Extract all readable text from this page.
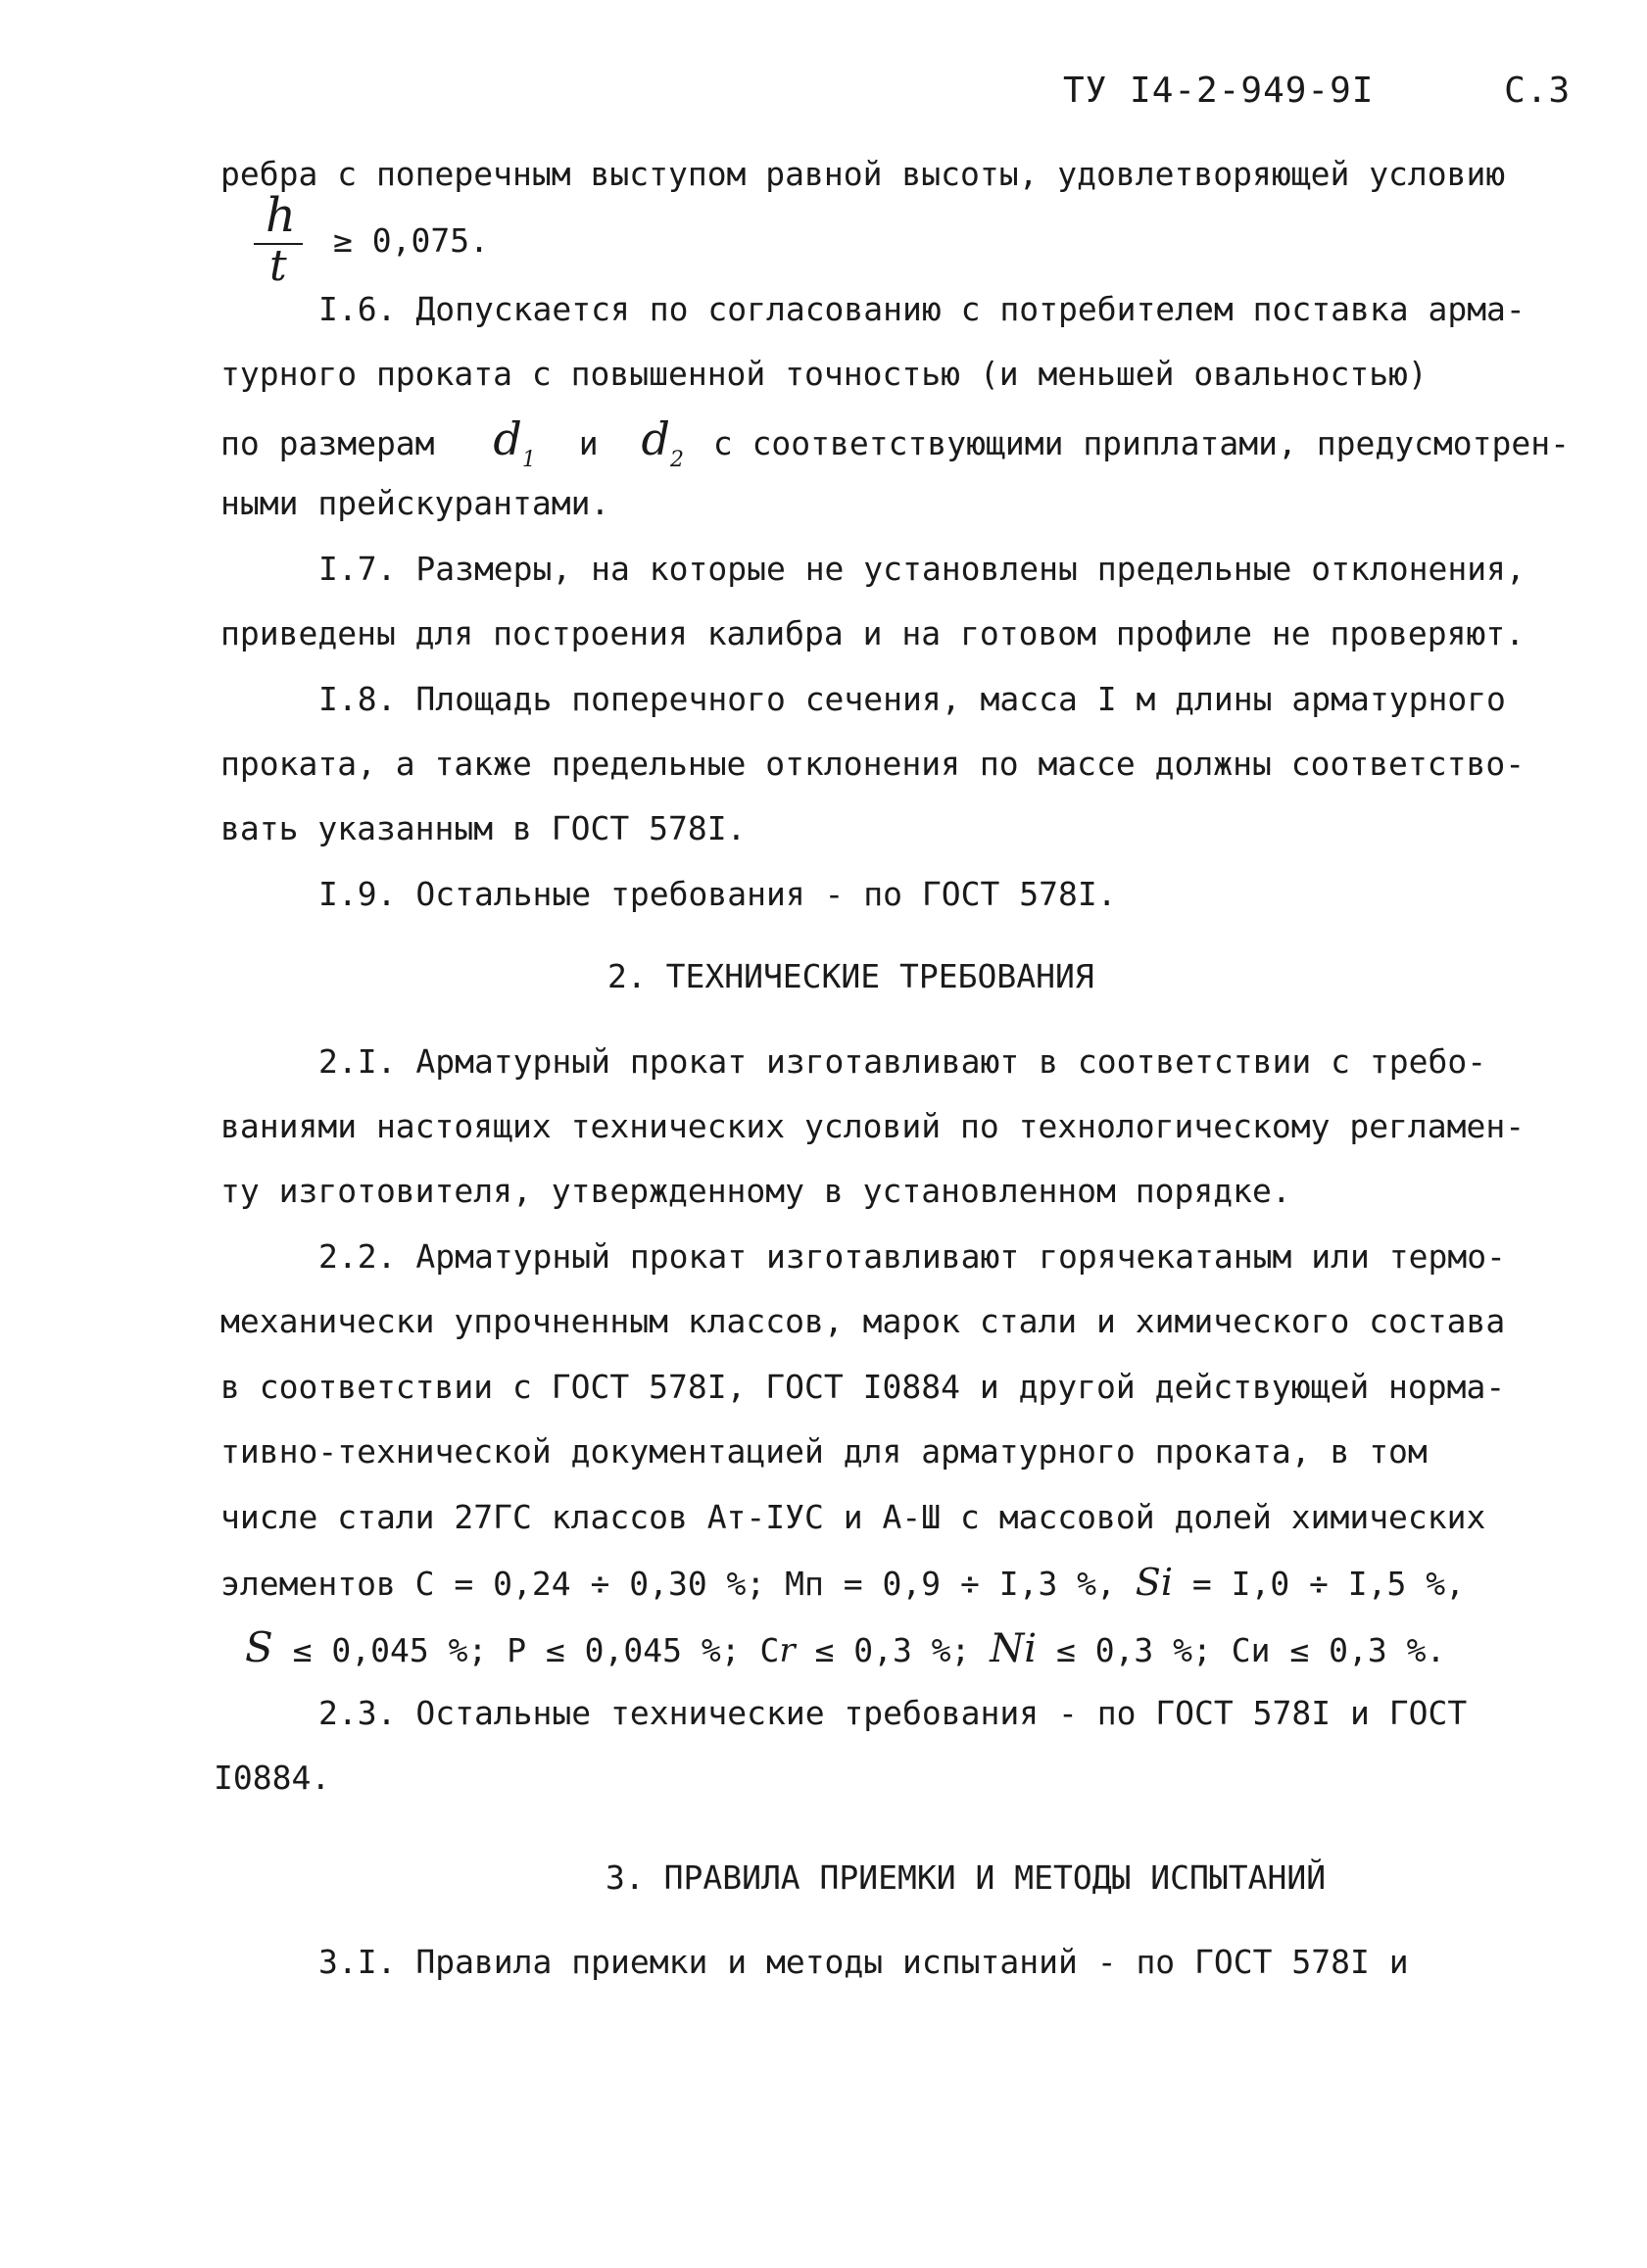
ТУ I4-2-949-9I	С.3
ребра с поперечным выступом равной высоты, удовлетворяющей условию
h
t
≥ 0,075.
I.6. Допускается по согласованию с потребителем поставка арма-
турного проката с повышенной точностью (и меньшей овальностью)
по размерам $d_1$ и $d_2$ с соответствующими приплатами, предусмотрен-
ными прейскурантами.
I.7. Размеры, на которые не установлены предельные отклонения,
приведены для построения калибра и на готовом профиле не проверяют.
I.8. Площадь поперечного сечения, масса I м длины арматурного
проката, а также предельные отклонения по массе должны соответство-
вать указанным в ГОСТ 578I.
I.9. Остальные требования - по ГОСТ 578I.
2. ТЕХНИЧЕСКИЕ ТРЕБОВАНИЯ
2.I. Арматурный прокат изготавливают в соответствии с требо-
ваниями настоящих технических условий по технологическому регламен-
ту изготовителя, утвержденному в установленном порядке.
2.2. Арматурный прокат изготавливают горячекатаным или термо-
механически упрочненным классов, марок стали и химического состава
в соответствии с ГОСТ 578I, ГОСТ I0884 и другой действующей норма-
тивно-технической документацией для арматурного проката, в том
числе стали 27ГС классов Ат-IУС и А-Ш с массовой долей химических
элементов С = 0,24 ÷ 0,30 %; Мп = 0,9 ÷ I,3 %, Si = I,0 ÷ I,5 %,
S ≤ 0,045 %; Р ≤ 0,045 %; Сr ≤ 0,3 %; Ni ≤ 0,3 %; Си ≤ 0,3 %.
2.3. Остальные технические требования - по ГОСТ 578I и ГОСТ
I0884.
3. ПРАВИЛА ПРИЕМКИ И МЕТОДЫ ИСПЫТАНИЙ
3.I. Правила приемки и методы испытаний - по ГОСТ 578I и
